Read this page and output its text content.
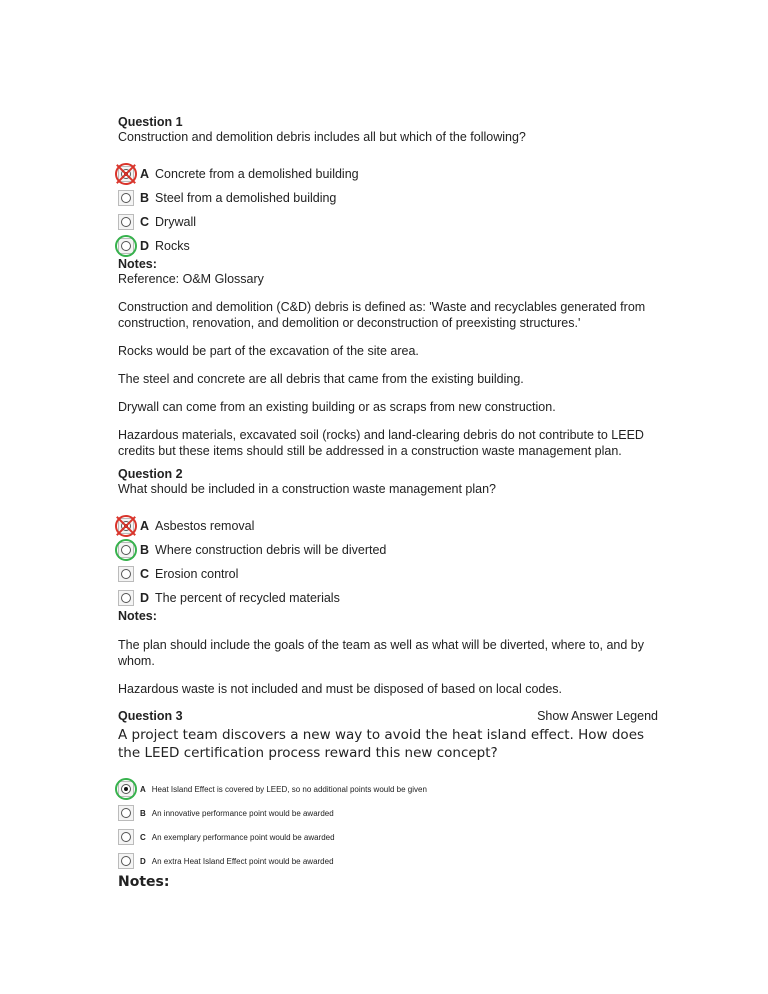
Question 1
Construction and demolition debris includes all but which of the following?
A Concrete from a demolished building
B Steel from a demolished building
C Drywall
D Rocks
Notes:

Reference: O&M Glossary

Construction and demolition (C&D) debris is defined as: 'Waste and recyclables generated from construction, renovation, and demolition or deconstruction of preexisting structures.'

Rocks would be part of the excavation of the site area.

The steel and concrete are all debris that came from the existing building.

Drywall can come from an existing building or as scraps from new construction.

Hazardous materials, excavated soil (rocks) and land-clearing debris do not contribute to LEED credits but these items should still be addressed in a construction waste management plan.

Question 2
What should be included in a construction waste management plan?
A Asbestos removal
B Where construction debris will be diverted
C Erosion control
D The percent of recycled materials
Notes:

The plan should include the goals of the team as well as what will be diverted, where to, and by whom.

Hazardous waste is not included and must be disposed of based on local codes.

Question 3	Show Answer Legend
A project team discovers a new way to avoid the heat island effect. How does the LEED certification process reward this new concept?
A Heat Island Effect is covered by LEED, so no additional points would be given
B An innovative performance point would be awarded
C An exemplary performance point would be awarded
D An extra Heat Island Effect point would be awarded
Notes:
